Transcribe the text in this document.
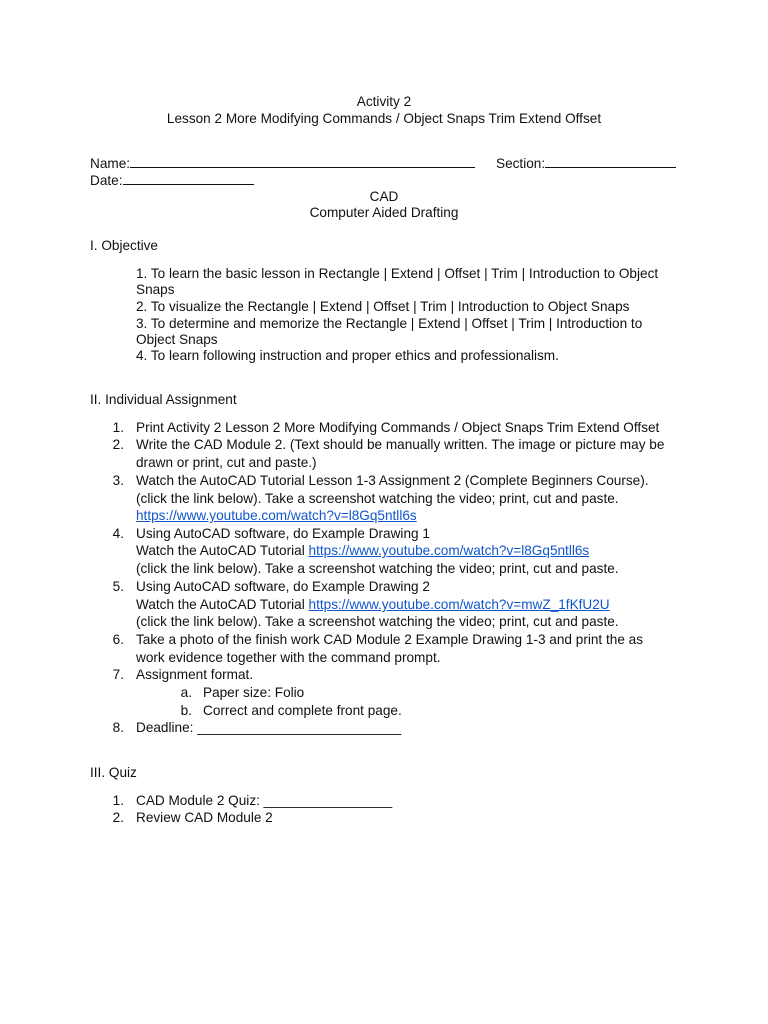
Activity 2
Lesson 2 More Modifying Commands / Object Snaps Trim Extend Offset
Name:	Section:
Date:
CAD
Computer Aided Drafting
I. Objective
1. To learn the basic lesson in Rectangle | Extend | Offset | Trim | Introduction to Object
Snaps
2. To visualize the Rectangle | Extend | Offset | Trim | Introduction to Object Snaps
3. To determine and memorize the Rectangle | Extend | Offset | Trim | Introduction to
Object Snaps
4. To learn following instruction and proper ethics and professionalism.
II. Individual Assignment
1. Print Activity 2 Lesson 2 More Modifying Commands / Object Snaps Trim Extend Offset
2. Write the CAD Module 2. (Text should be manually written. The image or picture may be
drawn or print, cut and paste.)
3. Watch the AutoCAD Tutorial Lesson 1-3 Assignment 2 (Complete Beginners Course).
(click the link below). Take a screenshot watching the video; print, cut and paste.
https://www.youtube.com/watch?v=l8Gq5ntll6s
4. Using AutoCAD software, do Example Drawing 1
Watch the AutoCAD Tutorial https://www.youtube.com/watch?v=l8Gq5ntll6s
(click the link below). Take a screenshot watching the video; print, cut and paste.
5. Using AutoCAD software, do Example Drawing 2
Watch the AutoCAD Tutorial https://www.youtube.com/watch?v=mwZ_1fKfU2U
(click the link below). Take a screenshot watching the video; print, cut and paste.
6. Take a photo of the finish work CAD Module 2 Example Drawing 1-3 and print the as
work evidence together with the command prompt.
7. Assignment format.
a. Paper size: Folio
b. Correct and complete front page.
8. Deadline: ___________________________
III. Quiz
1. CAD Module 2 Quiz: _________________
2. Review CAD Module 2
